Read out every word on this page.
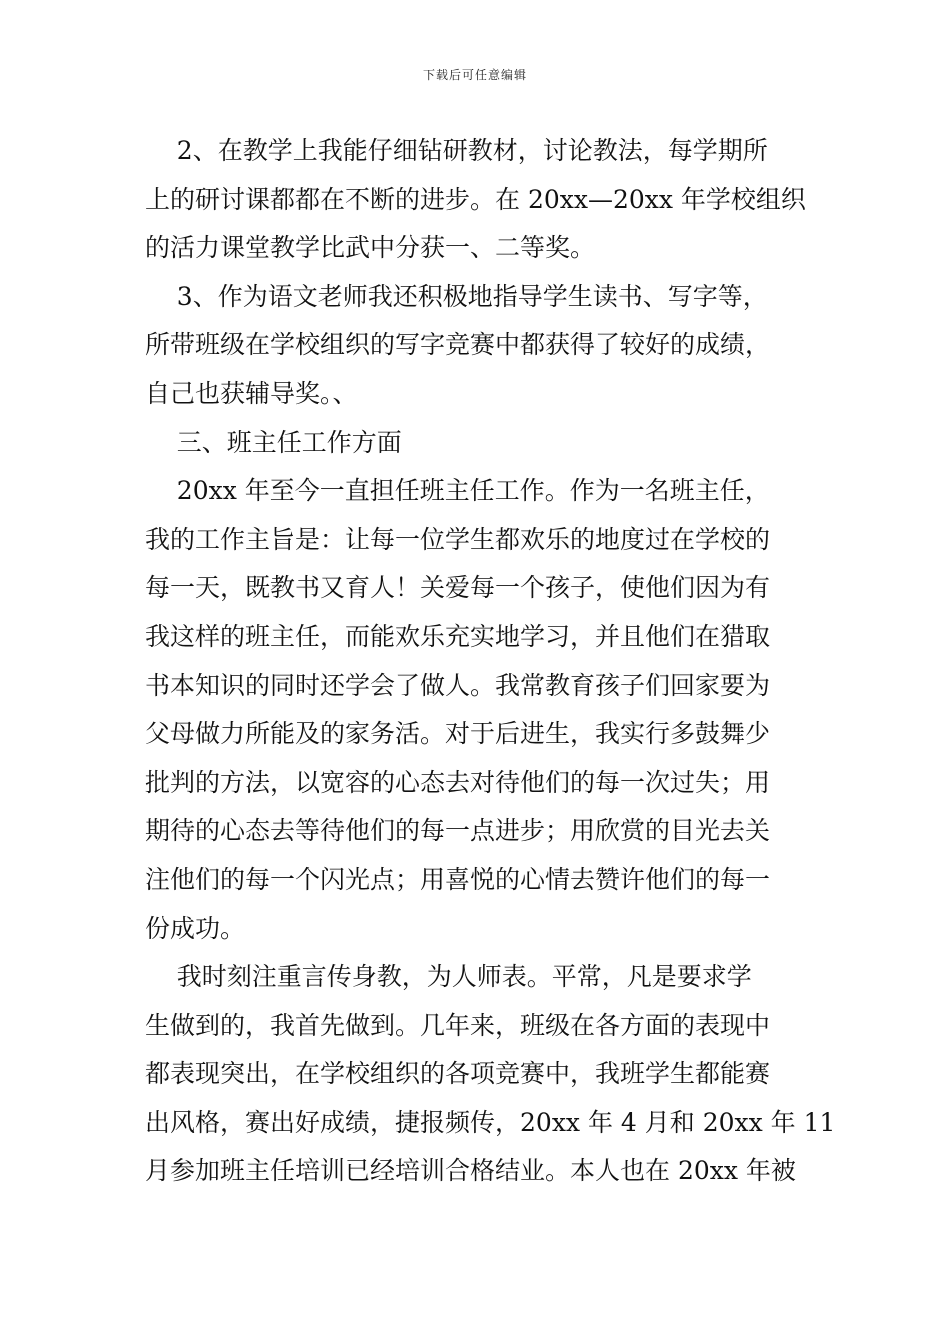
下载后可任意编辑
2、在教学上我能仔细钻研教材，讨论教法，每学期所
上的研讨课都都在不断的进步。在 20xx—20xx 年学校组织
的活力课堂教学比武中分获一、二等奖。
3、作为语文老师我还积极地指导学生读书、写字等，
所带班级在学校组织的写字竞赛中都获得了较好的成绩，
自己也获辅导奖。、
三、班主任工作方面
20xx 年至今一直担任班主任工作。作为一名班主任，
我的工作主旨是：让每一位学生都欢乐的地度过在学校的
每一天，既教书又育人！关爱每一个孩子，使他们因为有
我这样的班主任，而能欢乐充实地学习，并且他们在猎取
书本知识的同时还学会了做人。我常教育孩子们回家要为
父母做力所能及的家务活。对于后进生，我实行多鼓舞少
批判的方法，以宽容的心态去对待他们的每一次过失；用
期待的心态去等待他们的每一点进步；用欣赏的目光去关
注他们的每一个闪光点；用喜悦的心情去赞许他们的每一
份成功。
我时刻注重言传身教，为人师表。平常，凡是要求学
生做到的，我首先做到。几年来，班级在各方面的表现中
都表现突出，在学校组织的各项竞赛中，我班学生都能赛
出风格，赛出好成绩，捷报频传，20xx 年 4 月和 20xx 年 11
月参加班主任培训已经培训合格结业。本人也在 20xx 年被
